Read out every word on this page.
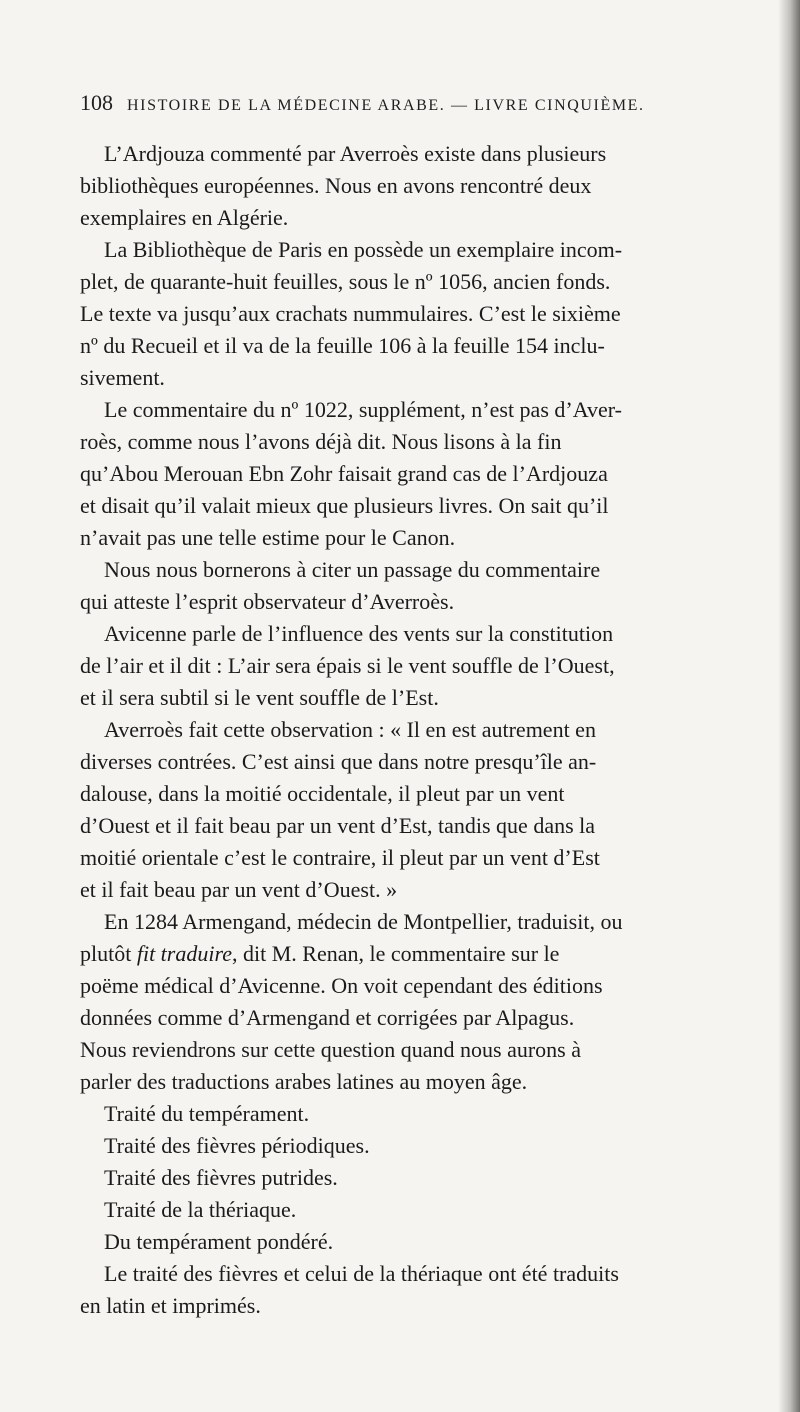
108 HISTOIRE DE LA MÉDECINE ARABE. — LIVRE CINQUIÈME.

L’Ardjouza commenté par Averroès existe dans plusieurs
bibliothèques européennes. Nous en avons rencontré deux
exemplaires en Algérie.

La Bibliothèque de Paris en possède un exemplaire incom-
plet, de quarante-huit feuilles, sous le nº 1056, ancien fonds.
Le texte va jusqu’aux crachats nummulaires. C’est le sixième
nº du Recueil et il va de la feuille 106 à la feuille 154 inclu-
sivement.

Le commentaire du nº 1022, supplément, n’est pas d’Aver-
roès, comme nous l’avons déjà dit. Nous lisons à la fin
qu’Abou Merouan Ebn Zohr faisait grand cas de l’Ardjouza
et disait qu’il valait mieux que plusieurs livres. On sait qu’il
n’avait pas une telle estime pour le Canon.

Nous nous bornerons à citer un passage du commentaire
qui atteste l’esprit observateur d’Averroès.

Avicenne parle de l’influence des vents sur la constitution
de l’air et il dit : L’air sera épais si le vent souffle de l’Ouest,
et il sera subtil si le vent souffle de l’Est.

Averroès fait cette observation : « Il en est autrement en
diverses contrées. C’est ainsi que dans notre presqu’île an-
dalouse, dans la moitié occidentale, il pleut par un vent
d’Ouest et il fait beau par un vent d’Est, tandis que dans la
moitié orientale c’est le contraire, il pleut par un vent d’Est
et il fait beau par un vent d’Ouest. »

En 1284 Armengand, médecin de Montpellier, traduisit, ou
plutôt fit traduire, dit M. Renan, le commentaire sur le
poëme médical d’Avicenne. On voit cependant des éditions
données comme d’Armengand et corrigées par Alpagus.
Nous reviendrons sur cette question quand nous aurons à
parler des traductions arabes latines au moyen âge.

Traité du tempérament.

Traité des fièvres périodiques.

Traité des fièvres putrides.

Traité de la thériaque.

Du tempérament pondéré.

Le traité des fièvres et celui de la thériaque ont été traduits
en latin et imprimés.
